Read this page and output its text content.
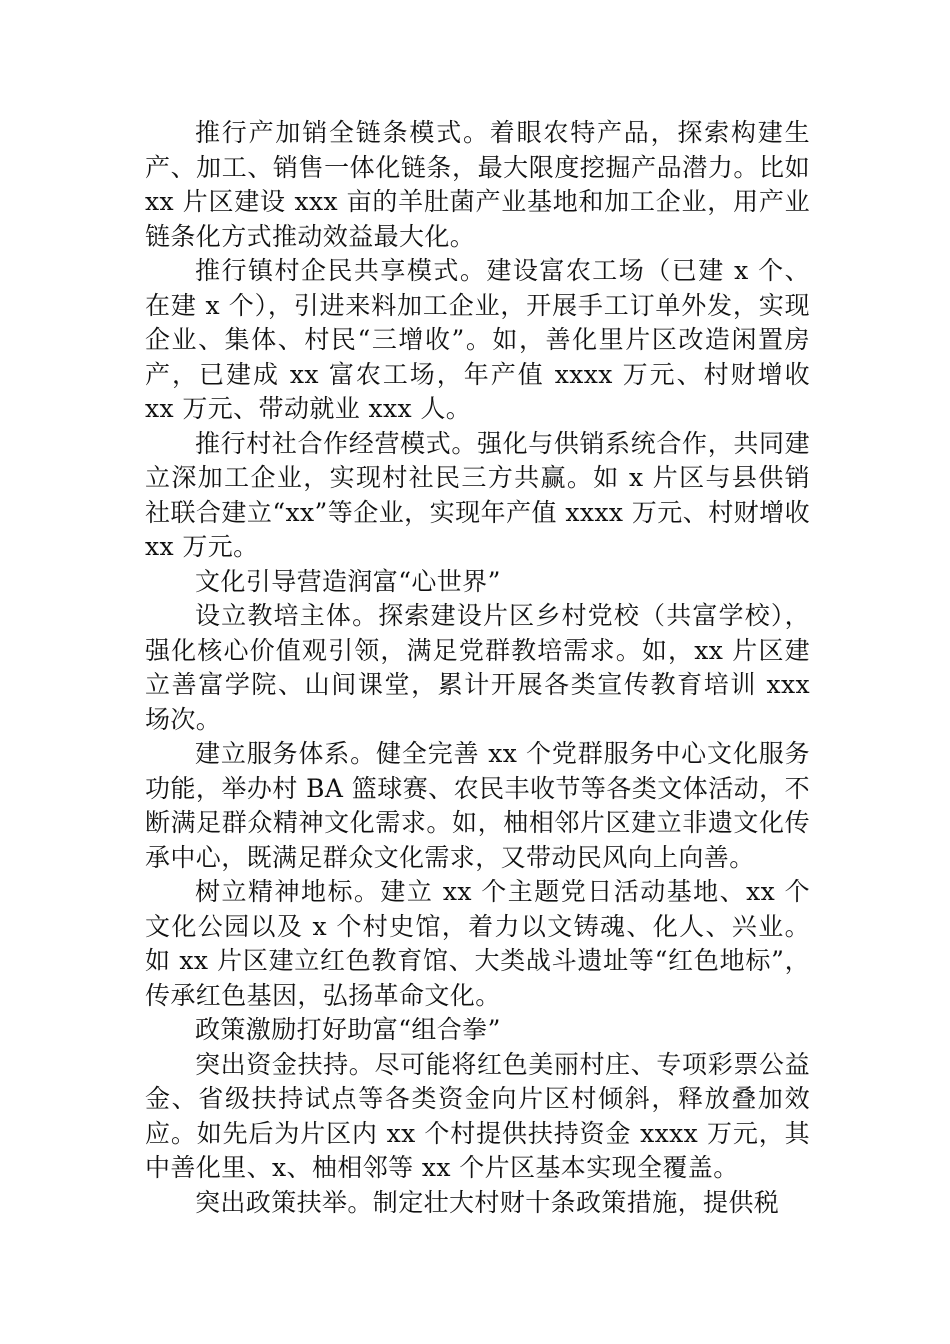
推行产加销全链条模式。着眼农特产品，探索构建生产、加工、销售一体化链条，最大限度挖掘产品潜力。比如 xx 片区建设 xxx 亩的羊肚菌产业基地和加工企业，用产业链条化方式推动效益最大化。

推行镇村企民共享模式。建设富农工场（已建 x 个、在建 x 个），引进来料加工企业，开展手工订单外发，实现企业、集体、村民“三增收”。如，善化里片区改造闲置房产，已建成 xx 富农工场，年产值 xxxx 万元、村财增收 xx 万元、带动就业 xxx 人。

推行村社合作经营模式。强化与供销系统合作，共同建立深加工企业，实现村社民三方共赢。如 x 片区与县供销社联合建立“xx”等企业，实现年产值 xxxx 万元、村财增收 xx 万元。

文化引导营造润富“心世界”

设立教培主体。探索建设片区乡村党校（共富学校），强化核心价值观引领，满足党群教培需求。如，xx 片区建立善富学院、山间课堂，累计开展各类宣传教育培训 xxx 场次。

建立服务体系。健全完善 xx 个党群服务中心文化服务功能，举办村 BA 篮球赛、农民丰收节等各类文体活动，不断满足群众精神文化需求。如，柚相邻片区建立非遗文化传承中心，既满足群众文化需求，又带动民风向上向善。

树立精神地标。建立 xx 个主题党日活动基地、xx 个文化公园以及 x 个村史馆，着力以文铸魂、化人、兴业。如 xx 片区建立红色教育馆、大类战斗遗址等“红色地标”，传承红色基因，弘扬革命文化。

政策激励打好助富“组合拳”

突出资金扶持。尽可能将红色美丽村庄、专项彩票公益金、省级扶持试点等各类资金向片区村倾斜，释放叠加效应。如先后为片区内 xx 个村提供扶持资金 xxxx 万元，其中善化里、x、柚相邻等 xx 个片区基本实现全覆盖。

突出政策扶举。制定壮大村财十条政策措施，提供税
